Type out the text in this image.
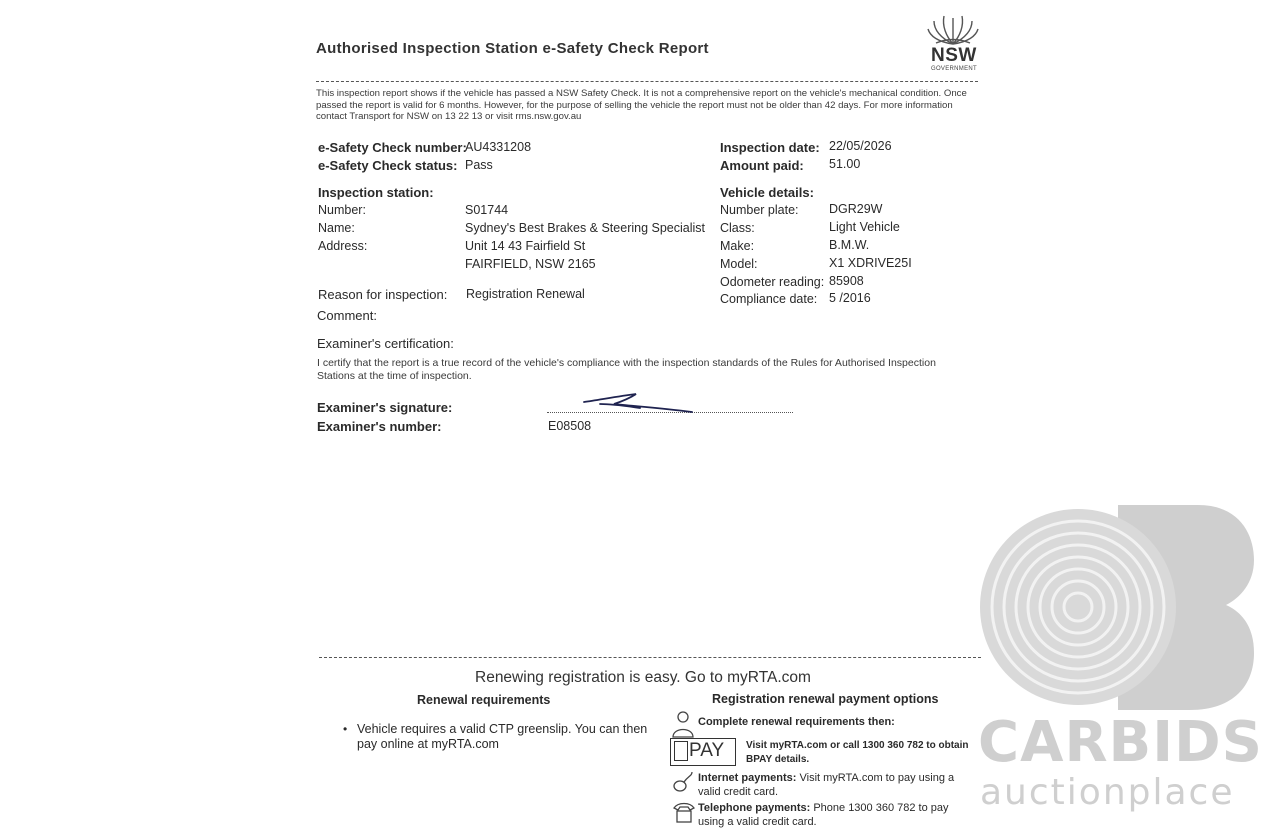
Authorised Inspection Station e-Safety Check Report	NSW
GOVERNMENT
This inspection report shows if the vehicle has passed a NSW Safety Check. It is not a comprehensive report on the vehicle's mechanical condition. Once passed the report is valid for 6 months. However, for the purpose of selling the vehicle the report must not be older than 42 days. For more information contact Transport for NSW on 13 22 13 or visit rms.nsw.gov.au
e-Safety Check number:
AU4331208
e-Safety Check status: Pass
Inspection date: 22/05/2026
Amount paid: 51.00
Inspection station:
Number:	S01744
Name:	Sydney's Best Brakes & Steering Specialist
Address:	Unit 14 43 Fairfield St
FAIRFIELD, NSW 2165
Vehicle details:
Number plate: DGR29W
Class:	Light Vehicle
Make:	B.M.W.
Model:	X1 XDRIVE25I
Odometer reading: 85908
Compliance date: 5 /2016
Reason for inspection: Registration Renewal
Comment:
Examiner's certification:
I certify that the report is a true record of the vehicle's compliance with the inspection standards of the Rules for Authorised Inspection Stations at the time of inspection.
Examiner's signature:
Examiner's number:	E08508
Renewing registration is easy. Go to myRTA.com
Renewal requirements
• Vehicle requires a valid CTP greenslip. You can then pay online at myRTA.com
Registration renewal payment options
Complete renewal requirements then:
PAY Visit myRTA.com or call 1300 360 782 to obtain BPAY details.
Internet payments: Visit myRTA.com to pay using a valid credit card.
Telephone payments: Phone 1300 360 782 to pay using a valid credit card.
CARBIDS
auctionplace
